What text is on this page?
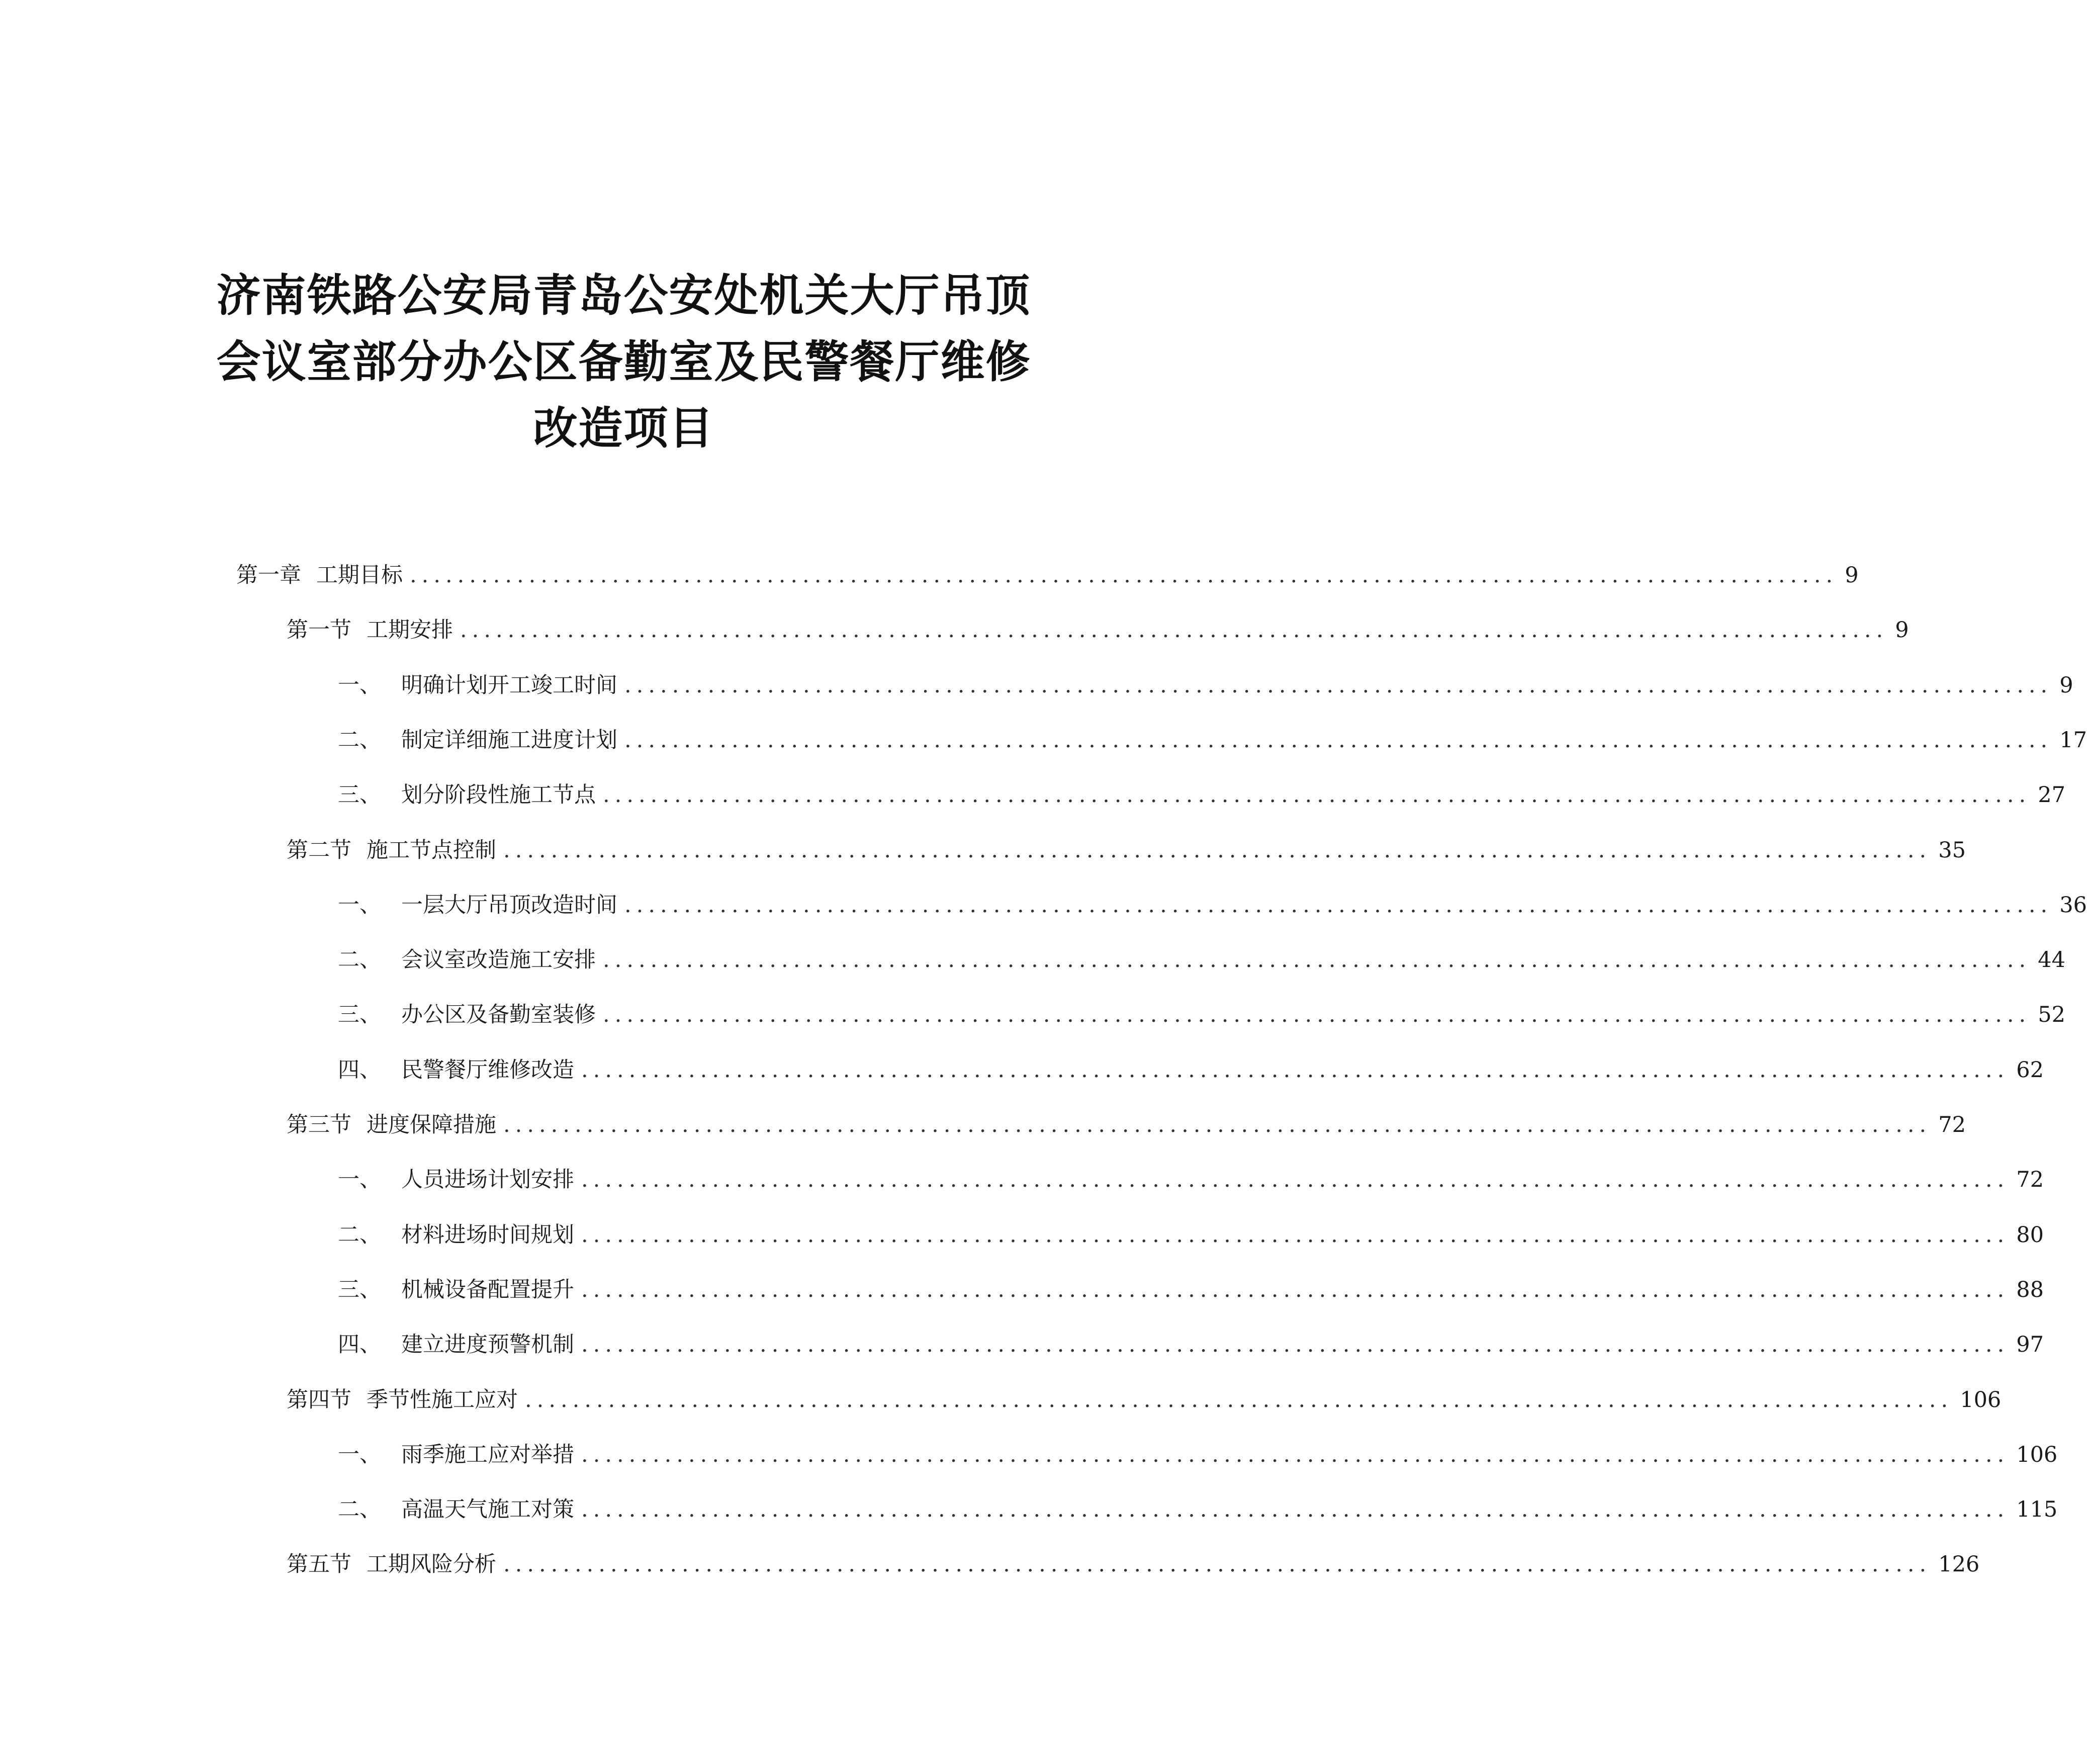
济南铁路公安局青岛公安处机关大厅吊顶
会议室部分办公区备勤室及民警餐厅维修
改造项目
第一章 工期目标 ........................................................................................................................ 9
第一节 工期安排 ........................................................................................................................ 9
一、 明确计划开工竣工时间 ........................................................................................................................ 9
二、 制定详细施工进度计划 ........................................................................................................................ 17
三、 划分阶段性施工节点 ........................................................................................................................ 27
第二节 施工节点控制 ........................................................................................................................ 35
一、 一层大厅吊顶改造时间 ........................................................................................................................ 36
二、 会议室改造施工安排 ........................................................................................................................ 44
三、 办公区及备勤室装修 ........................................................................................................................ 52
四、 民警餐厅维修改造 ........................................................................................................................ 62
第三节 进度保障措施 ........................................................................................................................ 72
一、 人员进场计划安排 ........................................................................................................................ 72
二、 材料进场时间规划 ........................................................................................................................ 80
三、 机械设备配置提升 ........................................................................................................................ 88
四、 建立进度预警机制 ........................................................................................................................ 97
第四节 季节性施工应对 ........................................................................................................................ 106
一、 雨季施工应对举措 ........................................................................................................................ 106
二、 高温天气施工对策 ........................................................................................................................ 115
第五节 工期风险分析 ........................................................................................................................ 126
